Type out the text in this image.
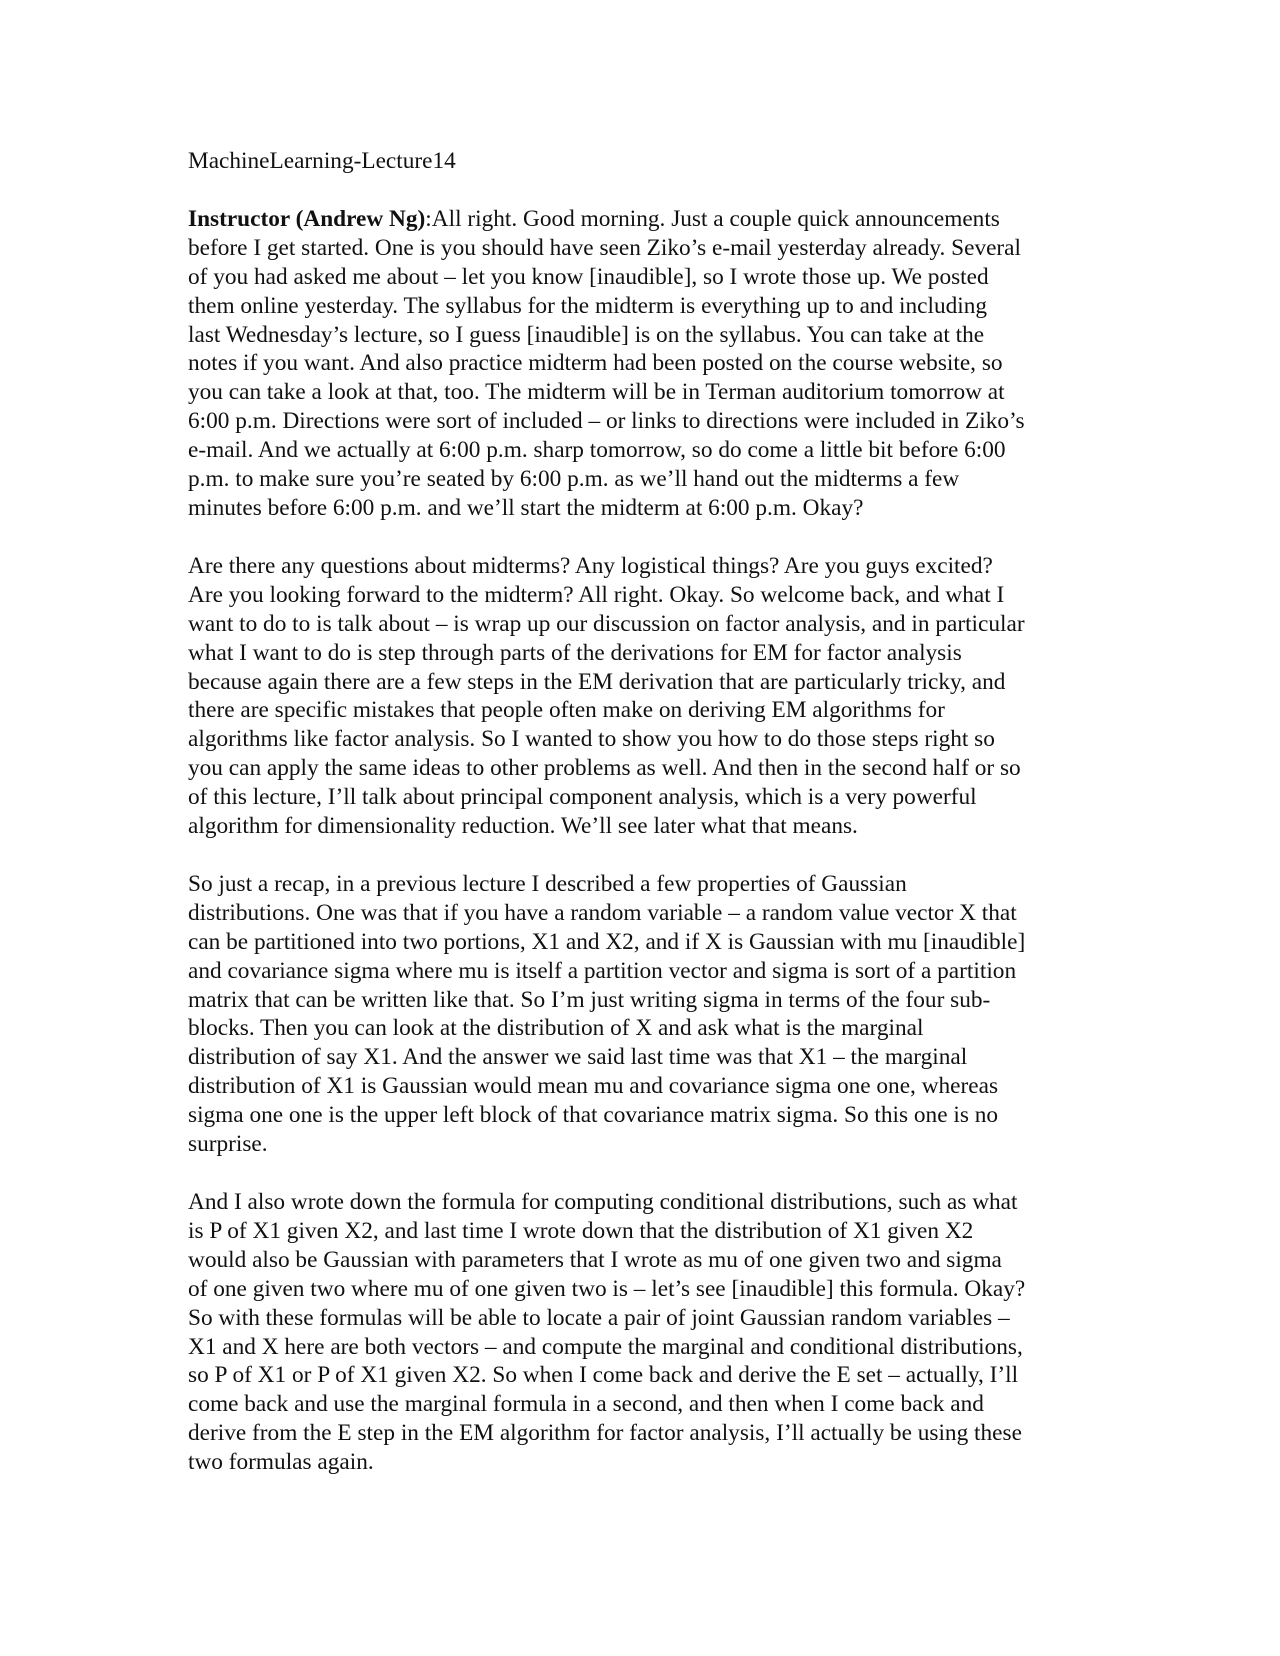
MachineLearning-Lecture14
Instructor (Andrew Ng):All right. Good morning. Just a couple quick announcements
before I get started. One is you should have seen Ziko’s e-mail yesterday already. Several
of you had asked me about – let you know [inaudible], so I wrote those up. We posted
them online yesterday. The syllabus for the midterm is everything up to and including
last Wednesday’s lecture, so I guess [inaudible] is on the syllabus. You can take at the
notes if you want. And also practice midterm had been posted on the course website, so
you can take a look at that, too. The midterm will be in Terman auditorium tomorrow at
6:00 p.m. Directions were sort of included – or links to directions were included in Ziko’s
e-mail. And we actually at 6:00 p.m. sharp tomorrow, so do come a little bit before 6:00
p.m. to make sure you’re seated by 6:00 p.m. as we’ll hand out the midterms a few
minutes before 6:00 p.m. and we’ll start the midterm at 6:00 p.m. Okay?
Are there any questions about midterms? Any logistical things? Are you guys excited?
Are you looking forward to the midterm? All right. Okay. So welcome back, and what I
want to do to is talk about – is wrap up our discussion on factor analysis, and in particular
what I want to do is step through parts of the derivations for EM for factor analysis
because again there are a few steps in the EM derivation that are particularly tricky, and
there are specific mistakes that people often make on deriving EM algorithms for
algorithms like factor analysis. So I wanted to show you how to do those steps right so
you can apply the same ideas to other problems as well. And then in the second half or so
of this lecture, I’ll talk about principal component analysis, which is a very powerful
algorithm for dimensionality reduction. We’ll see later what that means.
So just a recap, in a previous lecture I described a few properties of Gaussian
distributions. One was that if you have a random variable – a random value vector X that
can be partitioned into two portions, X1 and X2, and if X is Gaussian with mu [inaudible]
and covariance sigma where mu is itself a partition vector and sigma is sort of a partition
matrix that can be written like that. So I’m just writing sigma in terms of the four sub-
blocks. Then you can look at the distribution of X and ask what is the marginal
distribution of say X1. And the answer we said last time was that X1 – the marginal
distribution of X1 is Gaussian would mean mu and covariance sigma one one, whereas
sigma one one is the upper left block of that covariance matrix sigma. So this one is no
surprise.
And I also wrote down the formula for computing conditional distributions, such as what
is P of X1 given X2, and last time I wrote down that the distribution of X1 given X2
would also be Gaussian with parameters that I wrote as mu of one given two and sigma
of one given two where mu of one given two is – let’s see [inaudible] this formula. Okay?
So with these formulas will be able to locate a pair of joint Gaussian random variables –
X1 and X here are both vectors – and compute the marginal and conditional distributions,
so P of X1 or P of X1 given X2. So when I come back and derive the E set – actually, I’ll
come back and use the marginal formula in a second, and then when I come back and
derive from the E step in the EM algorithm for factor analysis, I’ll actually be using these
two formulas again.
